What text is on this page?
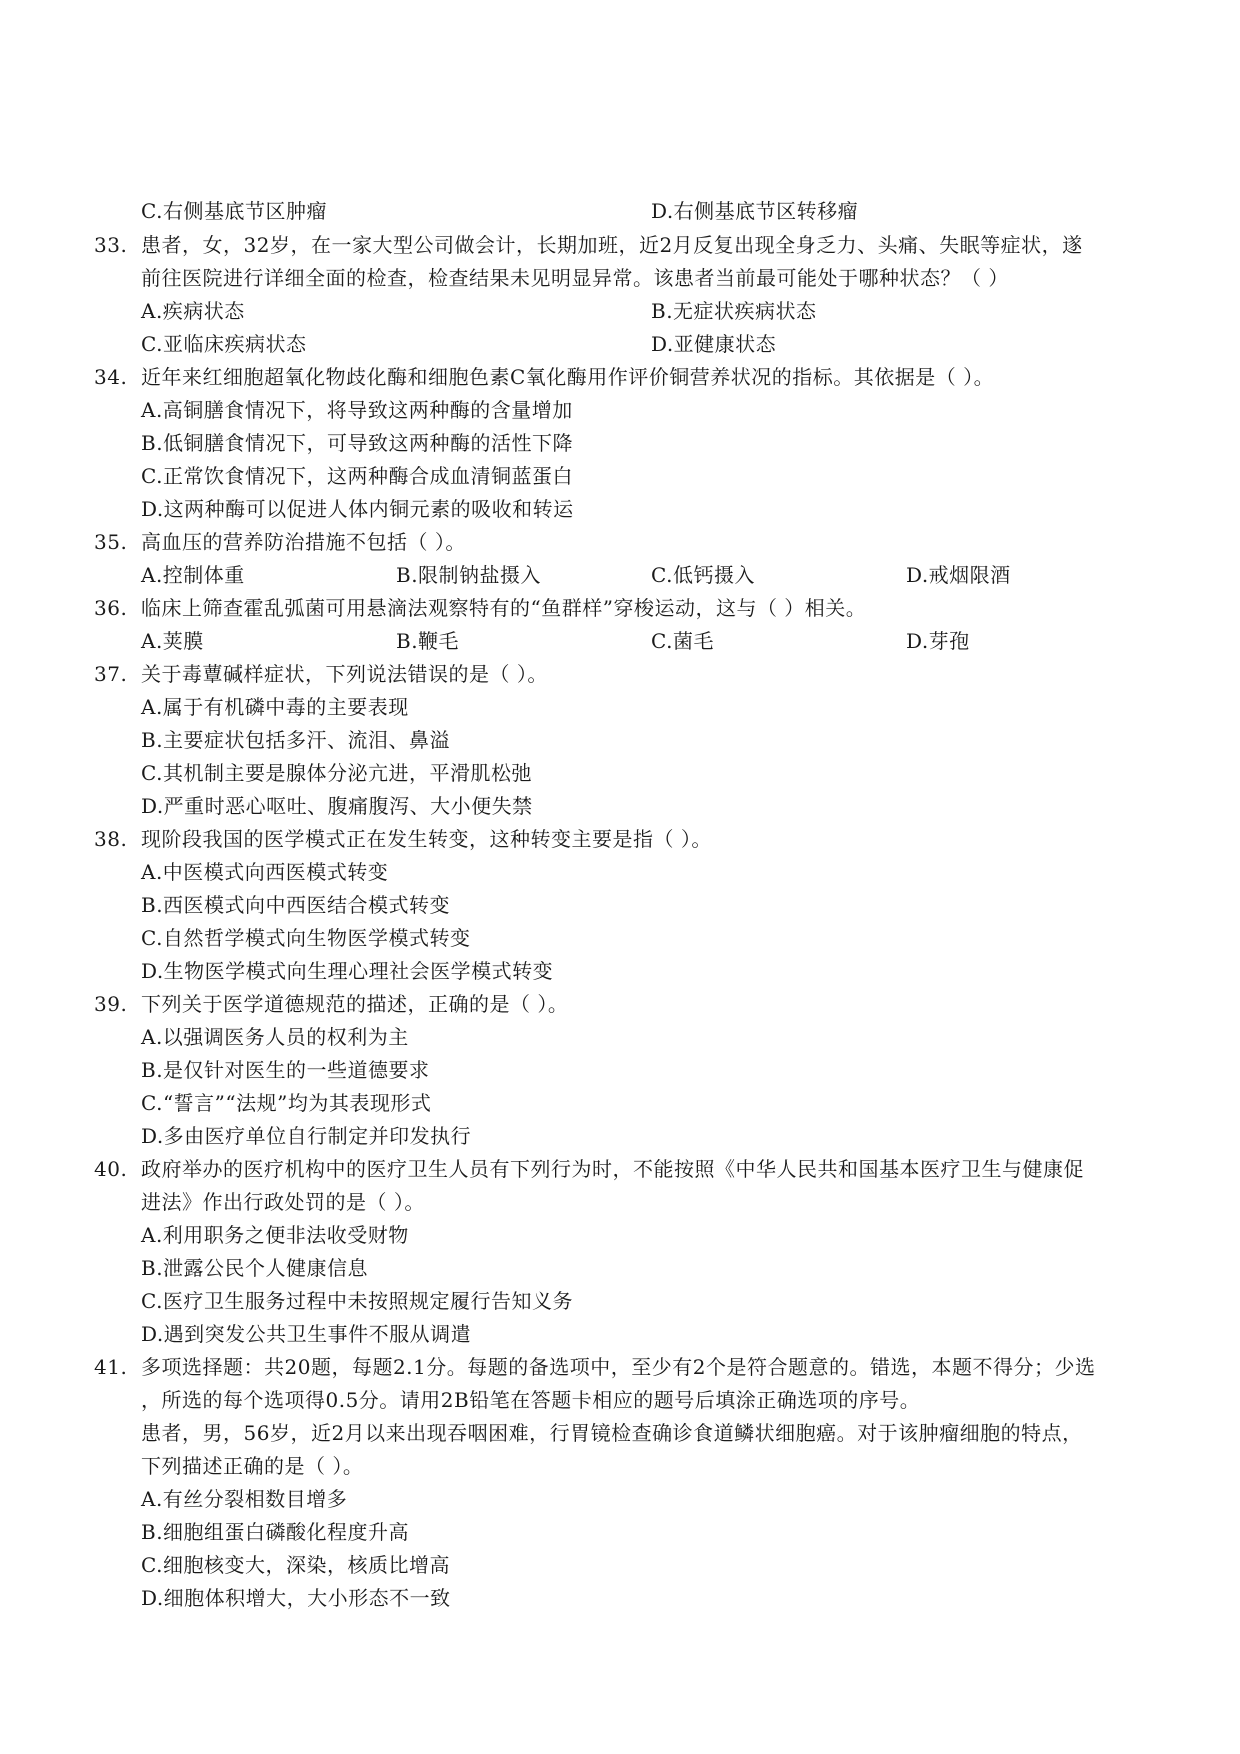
C.右侧基底节区肿瘤	D.右侧基底节区转移瘤
33. 患者，女，32岁，在一家大型公司做会计，长期加班，近2月反复出现全身乏力、头痛、失眠等症状，遂
前往医院进行详细全面的检查，检查结果未见明显异常。该患者当前最可能处于哪种状态？（ ）
A.疾病状态	B.无症状疾病状态
C.亚临床疾病状态	D.亚健康状态
34. 近年来红细胞超氧化物歧化酶和细胞色素C氧化酶用作评价铜营养状况的指标。其依据是（ ）。
A.高铜膳食情况下，将导致这两种酶的含量增加
B.低铜膳食情况下，可导致这两种酶的活性下降
C.正常饮食情况下，这两种酶合成血清铜蓝蛋白
D.这两种酶可以促进人体内铜元素的吸收和转运
35. 高血压的营养防治措施不包括（ ）。
A.控制体重	B.限制钠盐摄入	C.低钙摄入	D.戒烟限酒
36. 临床上筛查霍乱弧菌可用悬滴法观察特有的“鱼群样”穿梭运动，这与（ ）相关。
A.荚膜	B.鞭毛	C.菌毛	D.芽孢
37. 关于毒蕈碱样症状，下列说法错误的是（ ）。
A.属于有机磷中毒的主要表现
B.主要症状包括多汗、流泪、鼻溢
C.其机制主要是腺体分泌亢进，平滑肌松弛
D.严重时恶心呕吐、腹痛腹泻、大小便失禁
38. 现阶段我国的医学模式正在发生转变，这种转变主要是指（ ）。
A.中医模式向西医模式转变
B.西医模式向中西医结合模式转变
C.自然哲学模式向生物医学模式转变
D.生物医学模式向生理心理社会医学模式转变
39. 下列关于医学道德规范的描述，正确的是（ ）。
A.以强调医务人员的权利为主
B.是仅针对医生的一些道德要求
C.“誓言”“法规”均为其表现形式
D.多由医疗单位自行制定并印发执行
40. 政府举办的医疗机构中的医疗卫生人员有下列行为时，不能按照《中华人民共和国基本医疗卫生与健康促
进法》作出行政处罚的是（ ）。
A.利用职务之便非法收受财物
B.泄露公民个人健康信息
C.医疗卫生服务过程中未按照规定履行告知义务
D.遇到突发公共卫生事件不服从调遣
41. 多项选择题：共20题，每题2.1分。每题的备选项中，至少有2个是符合题意的。错选，本题不得分；少选
，所选的每个选项得0.5分。请用2B铅笔在答题卡相应的题号后填涂正确选项的序号。
患者，男，56岁，近2月以来出现吞咽困难，行胃镜检查确诊食道鳞状细胞癌。对于该肿瘤细胞的特点，
下列描述正确的是（ ）。
A.有丝分裂相数目增多
B.细胞组蛋白磷酸化程度升高
C.细胞核变大，深染，核质比增高
D.细胞体积增大，大小形态不一致
